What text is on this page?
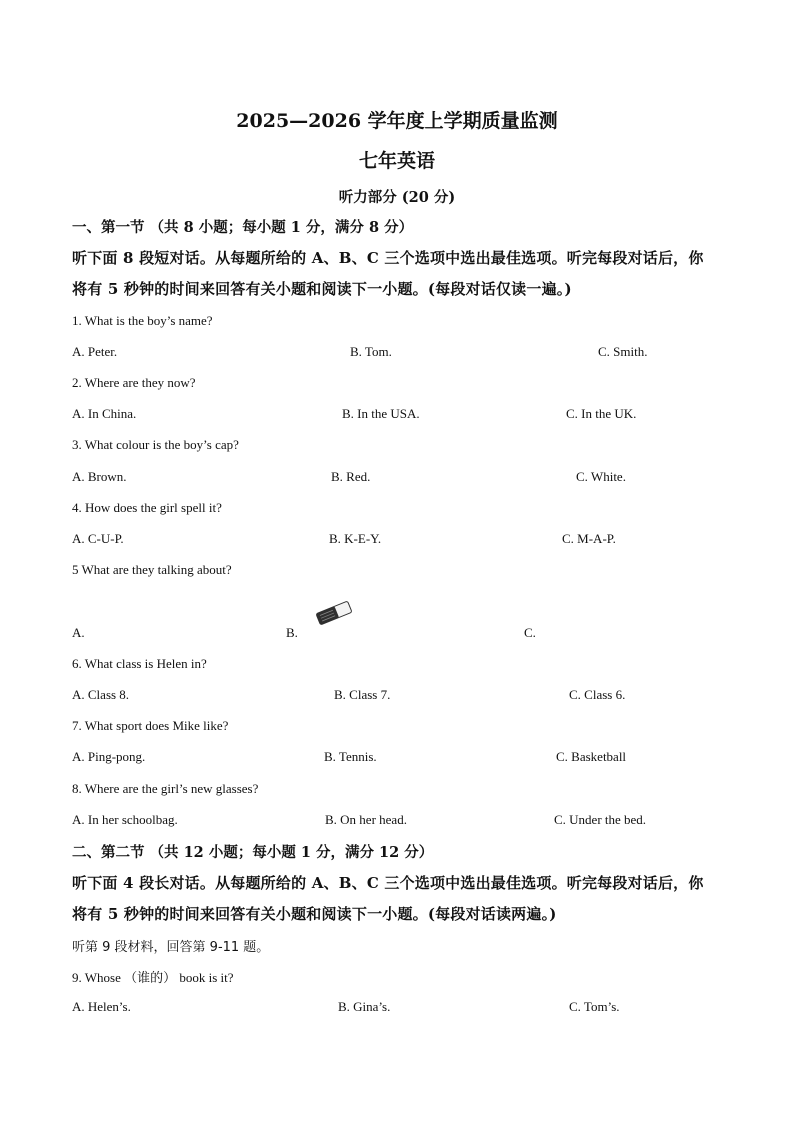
2025—2026 学年度上学期质量监测
七年英语
听力部分 (20 分)
一、第一节 （共 8 小题；每小题 1 分，满分 8 分）
听下面 8 段短对话。从每题所给的 A、B、C 三个选项中选出最佳选项。听完每段对话后，你
将有 5 秒钟的时间来回答有关小题和阅读下一小题。(每段对话仅读一遍。)
1. What is the boy’s name?
A. Peter.	B. Tom.	C. Smith.
2. Where are they now?
A. In China.	B. In the USA.	C. In the UK.
3. What colour is the boy’s cap?
A. Brown.	B. Red.	C. White.
4. How does the girl spell it?
A. C-U-P.	B. K-E-Y.	C. M-A-P.
5 What are they talking about?
A.	B.	C.
6. What class is Helen in?
A. Class 8.	B. Class 7.	C. Class 6.
7. What sport does Mike like?
A. Ping-pong.	B. Tennis.	C. Basketball
8. Where are the girl’s new glasses?
A. In her schoolbag.	B. On her head.	C. Under the bed.
二、第二节 （共 12 小题；每小题 1 分，满分 12 分）
听下面 4 段长对话。从每题所给的 A、B、C 三个选项中选出最佳选项。听完每段对话后，你
将有 5 秒钟的时间来回答有关小题和阅读下一小题。(每段对话读两遍。)
听第 9 段材料，回答第 9-11 题。
9. Whose （谁的） book is it?
A. Helen’s.	B. Gina’s.	C. Tom’s.
